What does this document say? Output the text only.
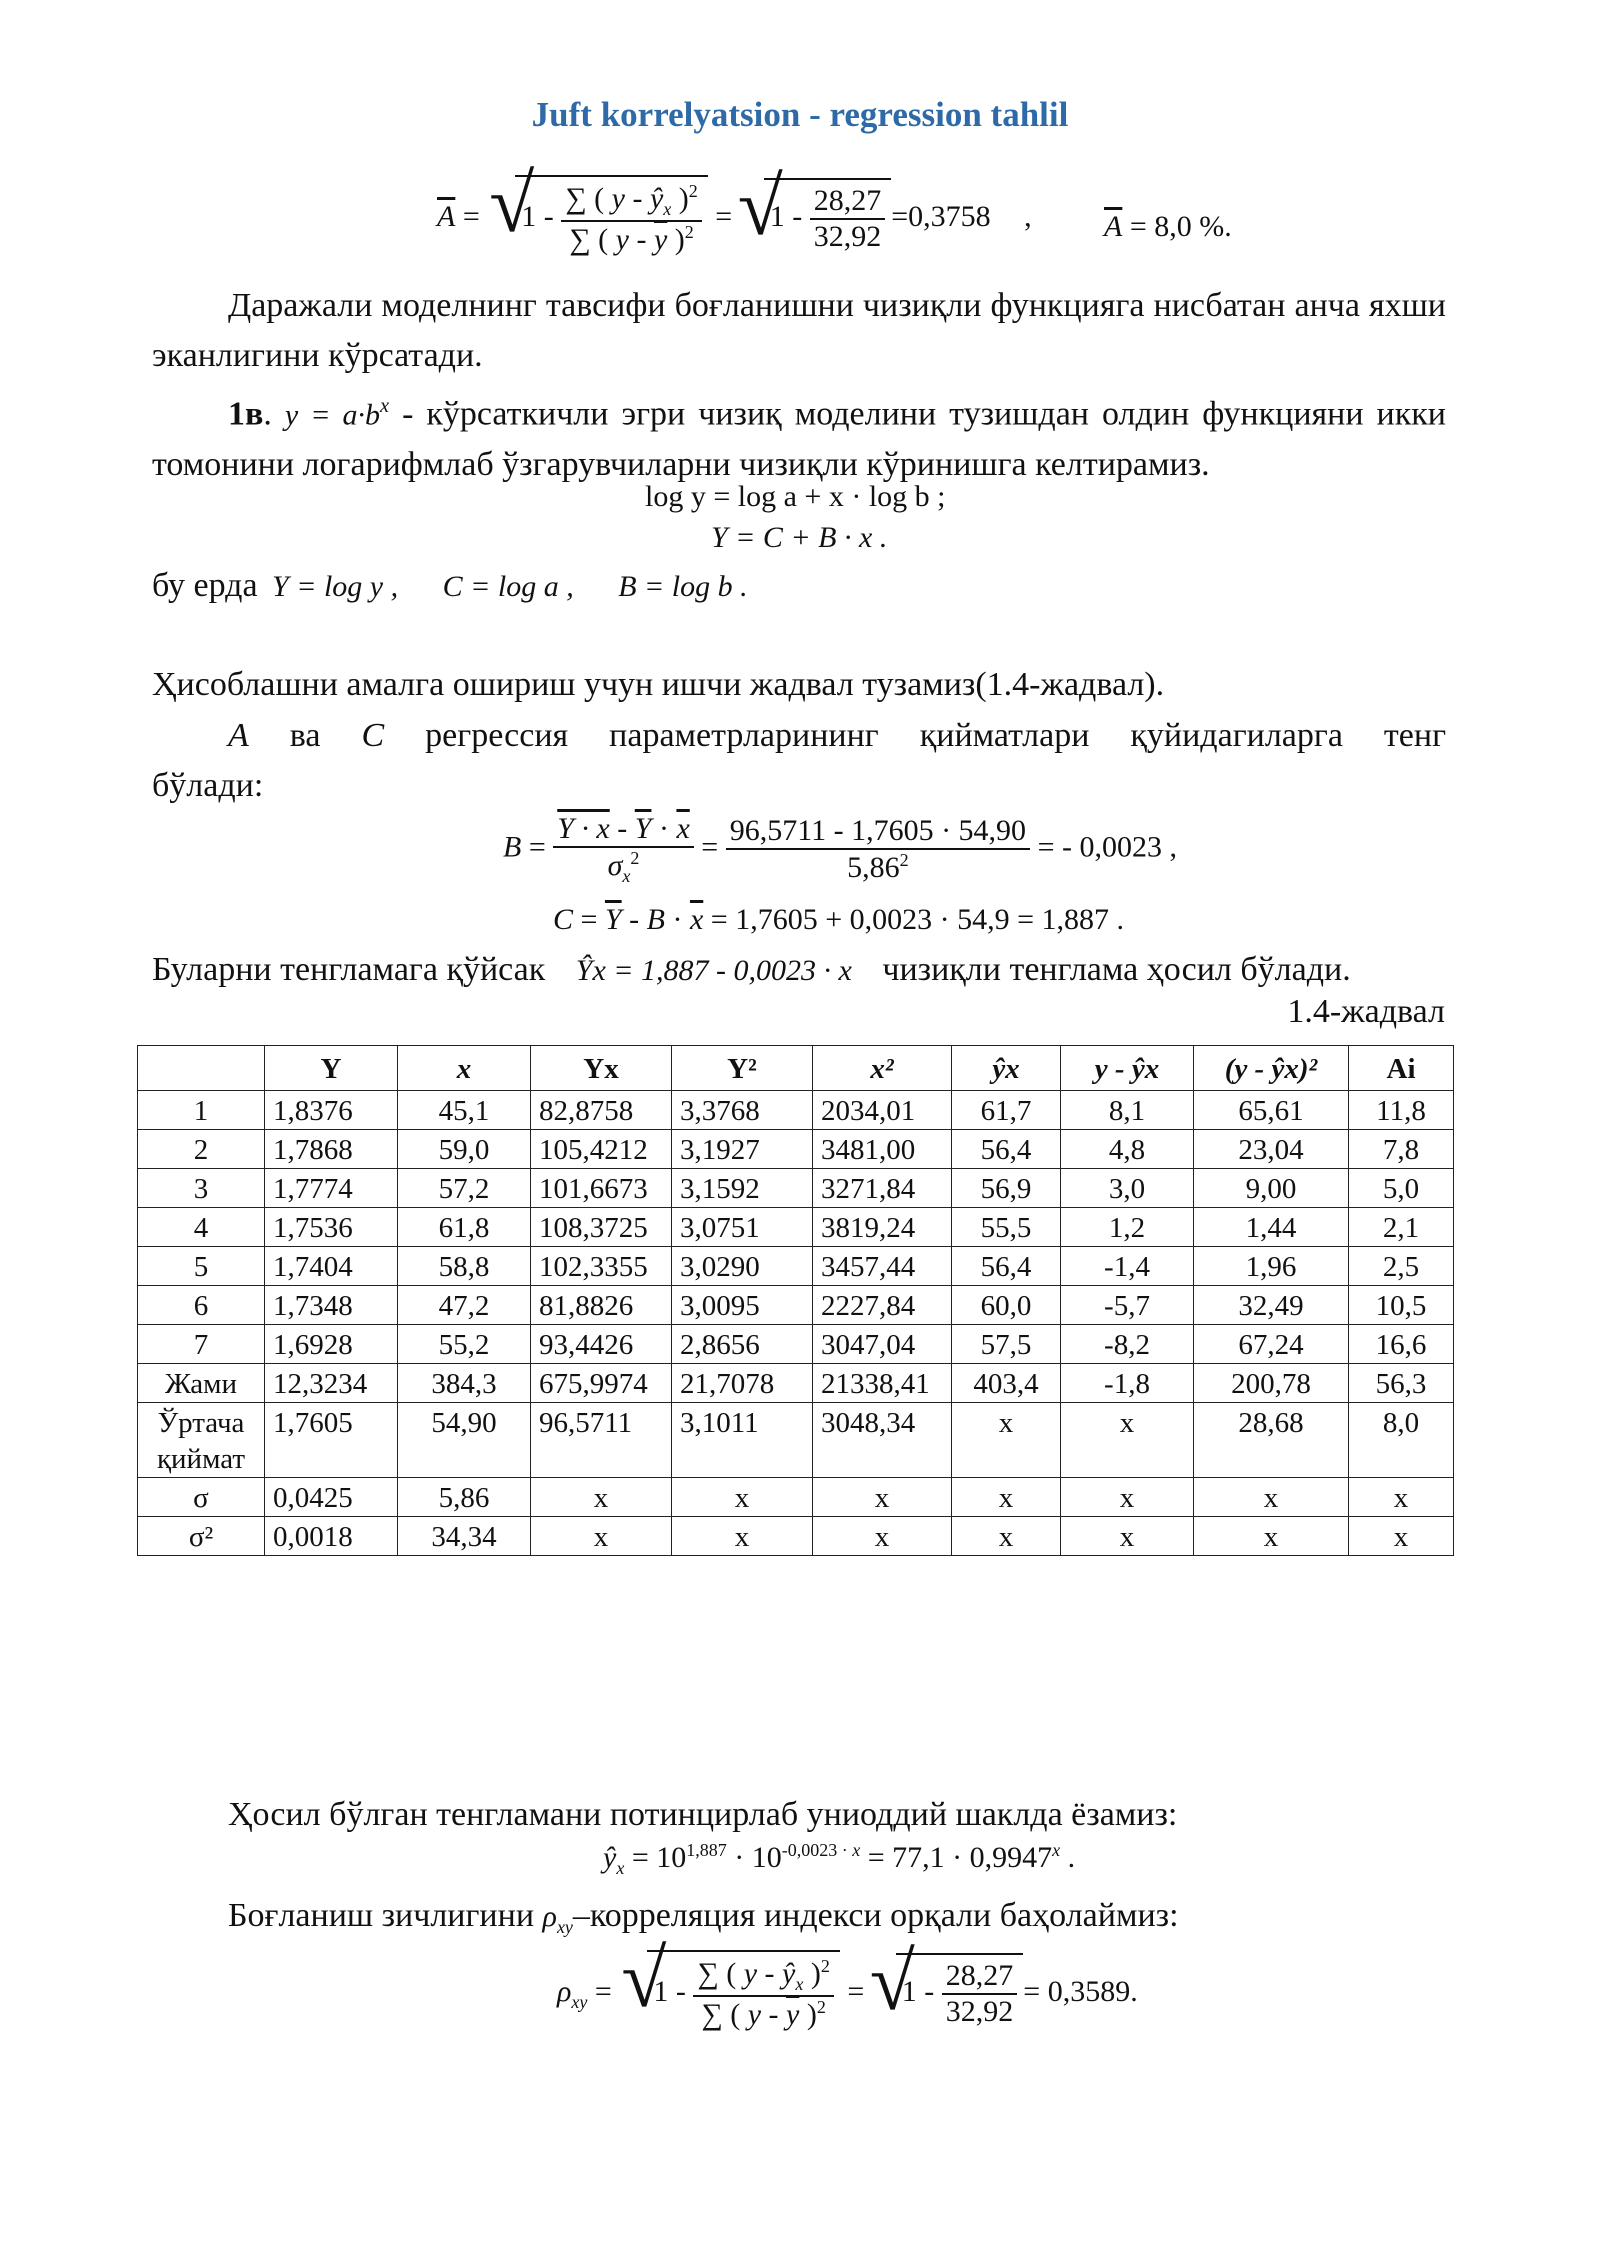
Juft korrelyatsion - regression tahlil
$\overline{A}$ = √ $1 - \frac{\sum ( y - ŷ_x )^2}{\sum ( y - \overline{y} )^2}$ = √ $1 - \frac{28,27}{32,92} =0,3758$ , $\overline{A} = 8,0$ %.
Даражали моделнинг тавсифи боғланишни чизиқли функцияга нисбатан анча яхши эканлигини кўрсатади.
1в. $y = a\cdot b^x$ - кўрсаткичли эгри чизиқ моделини тузишдан олдин функцияни икки томонини логарифмлаб ўзгарувчиларни чизиқли кўринишга келтирамиз.
log y = log a + x · log b ;
Y = C + B · x .
бу ерда Y = log y , C = log a , B = log b .
Ҳисоблашни амалга ошириш учун ишчи жадвал тузамиз(1.4-жадвал).
A ва C регрессия параметрларининг қийматлари қуйидагиларга тенг бўлади:
$B = \frac{Y \cdot x - \overline{Y} \cdot \overline{x}}{\sigma_x^2} = \frac{96,5711 - 1,7605 \cdot 54,90}{5,86^2}$ = - 0,0023 ,
$C = \overline{Y} - B \cdot \overline{x} = 1,7605 + 0,0023 \cdot 54,9 = 1,887$ .
Буларни тенгламага қўйсак Ŷx = 1,887 - 0,0023 · x чизиқли тенглама ҳосил бўлади.
1.4-жадвал
	Y	x	Yx	Y²	x²	ŷx	y - ŷx	(y - ŷx)²	Ai
1	1,8376	45,1	82,8758	3,3768	2034,01	61,7	8,1	65,61	11,8
2	1,7868	59,0	105,4212	3,1927	3481,00	56,4	4,8	23,04	7,8
3	1,7774	57,2	101,6673	3,1592	3271,84	56,9	3,0	9,00	5,0
4	1,7536	61,8	108,3725	3,0751	3819,24	55,5	1,2	1,44	2,1
5	1,7404	58,8	102,3355	3,0290	3457,44	56,4	-1,4	1,96	2,5
6	1,7348	47,2	81,8826	3,0095	2227,84	60,0	-5,7	32,49	10,5
7	1,6928	55,2	93,4426	2,8656	3047,04	57,5	-8,2	67,24	16,6
Жами	12,3234	384,3	675,9974	21,7078	21338,41	403,4	-1,8	200,78	56,3
Ўртача қиймат	1,7605	54,90	96,5711	3,1011	3048,34	x	x	28,68	8,0
σ	0,0425	5,86	x	x	x	x	x	x	x
σ²	0,0018	34,34	x	x	x	x	x	x	x
Ҳосил бўлган тенгламани потинцирлаб униоддий шаклда ёзамиз:
$ŷ_x = 10^{1,887} \cdot 10^{-0,0023 \cdot x} = 77,1 \cdot 0,9947^x$ .
Боғланиш зичлигини $\rho_{xy}$–корреляция индекси орқали баҳолаймиз:
$\rho_{xy}$ = √ $1 - \frac{\sum ( y - ŷ_x )^2}{\sum ( y - \overline{y} )^2}$ = √ $1 - \frac{28,27}{32,92} = 0,3589$.
